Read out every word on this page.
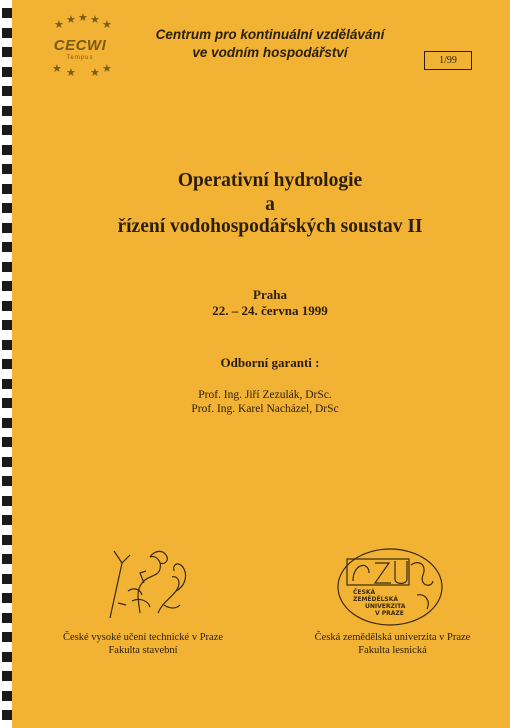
★ ★ ★ ★ ★
★ ★ ★ ★
CECWI
Tempus
Centrum pro kontinuální vzdělávání
ve vodním hospodářství
1/99
Operativní hydrologie
a
řízení vodohospodářských soustav II
Praha
22. – 24. června 1999
Odborní garanti :
Prof. Ing. Jiří Zezulák, DrSc.
Prof. Ing. Karel Nacházel, DrSc
ČESKÁ
ZEMĚDĚLSKÁ
UNIVERZITA
V PRAZE
České vysoké učení technické v Praze
Fakulta stavební
Česká zemědělská univerzita v Praze
Fakulta lesnická
